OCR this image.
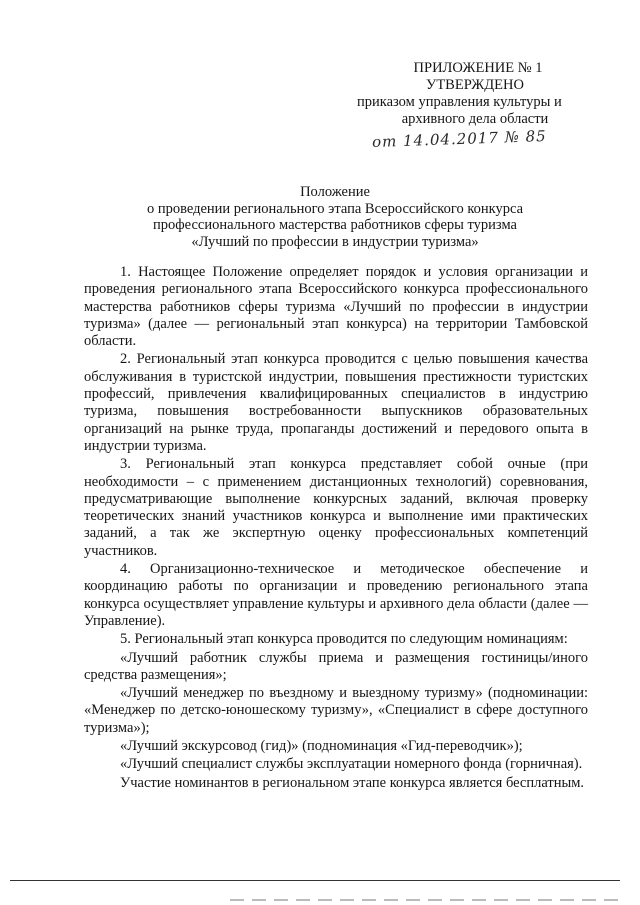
ПРИЛОЖЕНИЕ № 1
УТВЕРЖДЕНО
приказом управления культуры и
архивного дела области
от 14.04.2017 № 85
Положение
о проведении регионального этапа Всероссийского конкурса
профессионального мастерства работников сферы туризма
«Лучший по профессии в индустрии туризма»

1. Настоящее Положение определяет порядок и условия организации и проведения регионального этапа Всероссийского конкурса профессионального мастерства работников сферы туризма «Лучший по профессии в индустрии туризма» (далее — региональный этап конкурса) на территории Тамбовской области.

2. Региональный этап конкурса проводится с целью повышения качества обслуживания в туристской индустрии, повышения престижности туристских профессий, привлечения квалифицированных специалистов в индустрию туризма, повышения востребованности выпускников образовательных организаций на рынке труда, пропаганды достижений и передового опыта в индустрии туризма.

3. Региональный этап конкурса представляет собой очные (при необходимости – с применением дистанционных технологий) соревнования, предусматривающие выполнение конкурсных заданий, включая проверку теоретических знаний участников конкурса и выполнение ими практических заданий, а так же экспертную оценку профессиональных компетенций участников.

4. Организационно-техническое и методическое обеспечение и координацию работы по организации и проведению регионального этапа конкурса осуществляет управление культуры и архивного дела области (далее — Управление).

5. Региональный этап конкурса проводится по следующим номинациям:

«Лучший работник службы приема и размещения гостиницы/иного средства размещения»;

«Лучший менеджер по въездному и выездному туризму» (подноминации: «Менеджер по детско-юношескому туризму», «Специалист в сфере доступного туризма»);

«Лучший экскурсовод (гид)» (подноминация «Гид-переводчик»);

«Лучший специалист службы эксплуатации номерного фонда (горничная).

Участие номинантов в региональном этапе конкурса является бесплатным.
